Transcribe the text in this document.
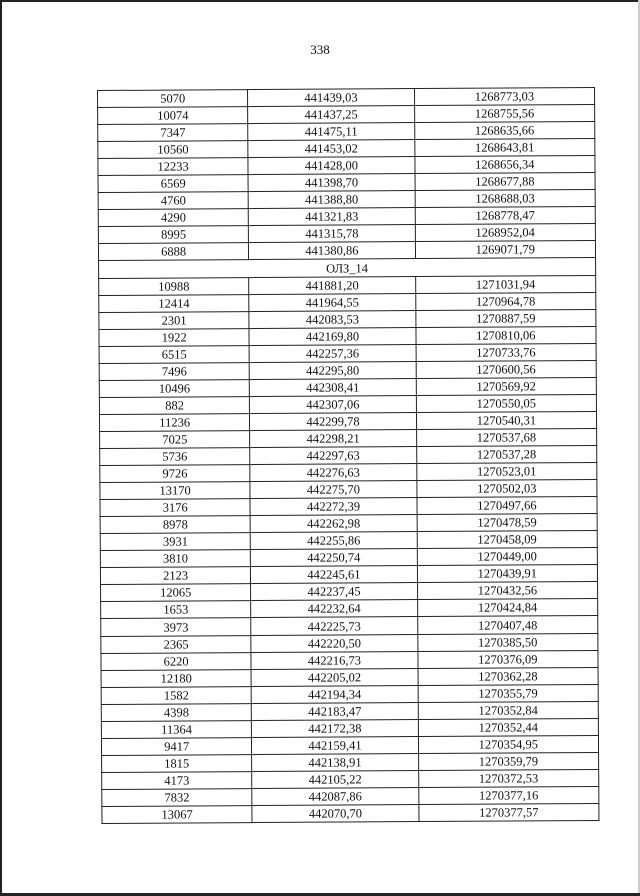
338
5070	441439,03	1268773,03
10074	441437,25	1268755,56
7347	441475,11	1268635,66
10560	441453,02	1268643,81
12233	441428,00	1268656,34
6569	441398,70	1268677,88
4760	441388,80	1268688,03
4290	441321,83	1268778,47
8995	441315,78	1268952,04
6888	441380,86	1269071,79
ОЛЗ_14		
10988	441881,20	1271031,94
12414	441964,55	1270964,78
2301	442083,53	1270887,59
1922	442169,80	1270810,06
6515	442257,36	1270733,76
7496	442295,80	1270600,56
10496	442308,41	1270569,92
882	442307,06	1270550,05
11236	442299,78	1270540,31
7025	442298,21	1270537,68
5736	442297,63	1270537,28
9726	442276,63	1270523,01
13170	442275,70	1270502,03
3176	442272,39	1270497,66
8978	442262,98	1270478,59
3931	442255,86	1270458,09
3810	442250,74	1270449,00
2123	442245,61	1270439,91
12065	442237,45	1270432,56
1653	442232,64	1270424,84
3973	442225,73	1270407,48
2365	442220,50	1270385,50
6220	442216,73	1270376,09
12180	442205,02	1270362,28
1582	442194,34	1270355,79
4398	442183,47	1270352,84
11364	442172,38	1270352,44
9417	442159,41	1270354,95
1815	442138,91	1270359,79
4173	442105,22	1270372,53
7832	442087,86	1270377,16
13067	442070,70	1270377,57
